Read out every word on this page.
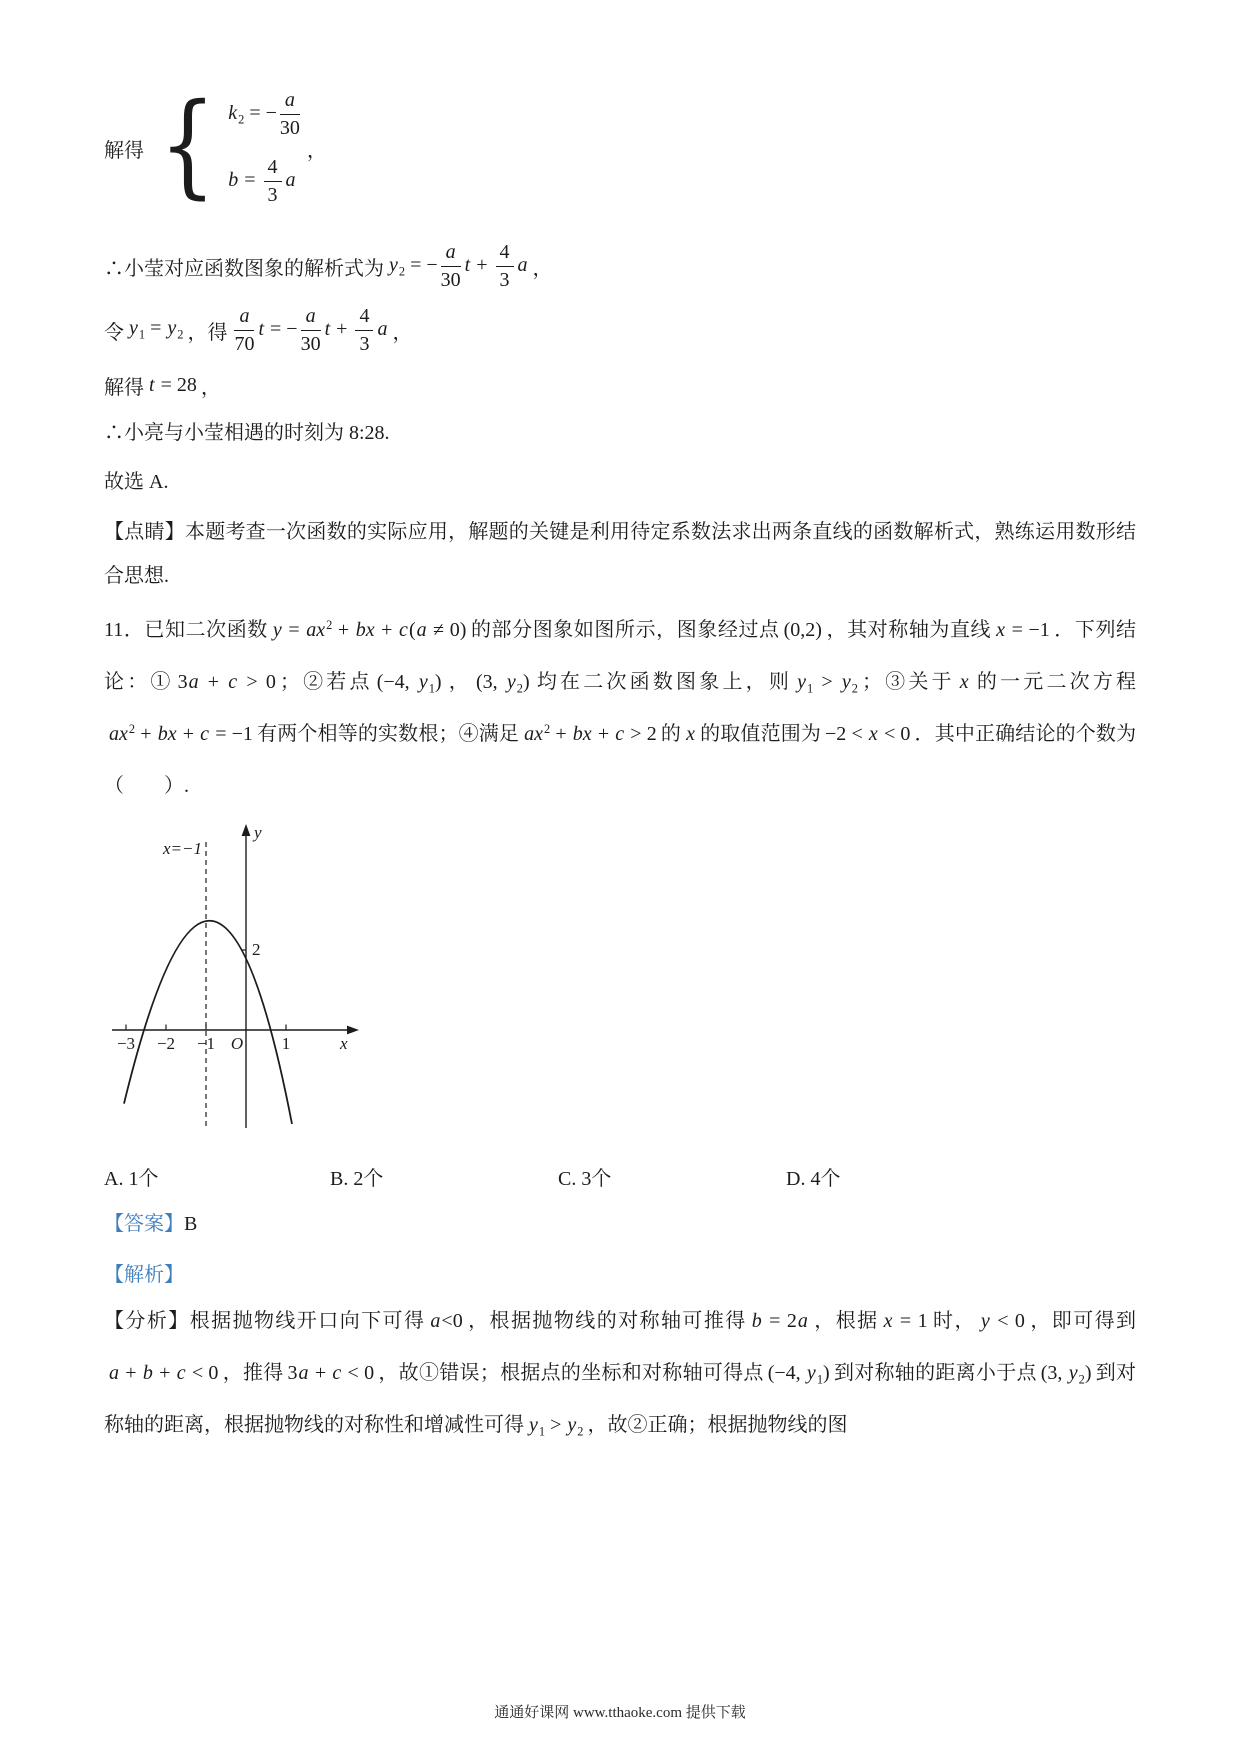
解得 { $k_2$ = − $\frac{a}{30}$
$b = \frac{4}{3}$ a
，
∴小莹对应函数图象的解析式为 $y_2$ = − $\frac{a}{30}$ $t + \frac{4}{3}$ a ，
令 $y_1 = y_2$ ，得 $\frac{a}{70}$ t = − $\frac{a}{30}$ $t + \frac{4}{3}$ a ，
解得 t = 28 ，
∴小亮与小莹相遇的时刻为 8:28.
故选 A.

【点睛】本题考查一次函数的实际应用，解题的关键是利用待定系数法求出两条直线的函数解析式，熟练运用数形结合思想.

11．已知二次函数 $y = ax^2$ + bx + c(a ≠ 0) 的部分图象如图所示，图象经过点 (0,2) ，其对称轴为直线 x = −1 ．下列结论：① 3a + c > 0 ；②若点 (−4, $y_1$) ， (3, $y_2$) 均在二次函数图象上，则 $y_1 > y_2$ ；③关于 x 的一元二次方程$ax^2$ + bx + c = −1 有两个相等的实数根；④满足 $ax^2$ + bx + c > 2 的 x 的取值范围为 −2 < x < 0 ．其中正确结论的个数为（　　）.

y
x
−3 −2 −1	1
O
2
x=−1
A. 1个	B. 2个	C. 3个	D. 4个
【答案】B
【解析】

【分析】根据抛物线开口向下可得 a<0 ，根据抛物线的对称轴可推得 b = 2a ，根据 x = 1 时， y < 0 ，即可得到a + b + c < 0 ，推得 3a + c < 0 ，故①错误；根据点的坐标和对称轴可得点 (−4, $y_1$) 到对称轴的距离小于点 (3, $y_2$) 到对称轴的距离，根据抛物线的对称性和增减性可得 $y_1 > y_2$ ，故②正确；根据抛物线的图

通通好课网 www.tthaoke.com 提供下载
